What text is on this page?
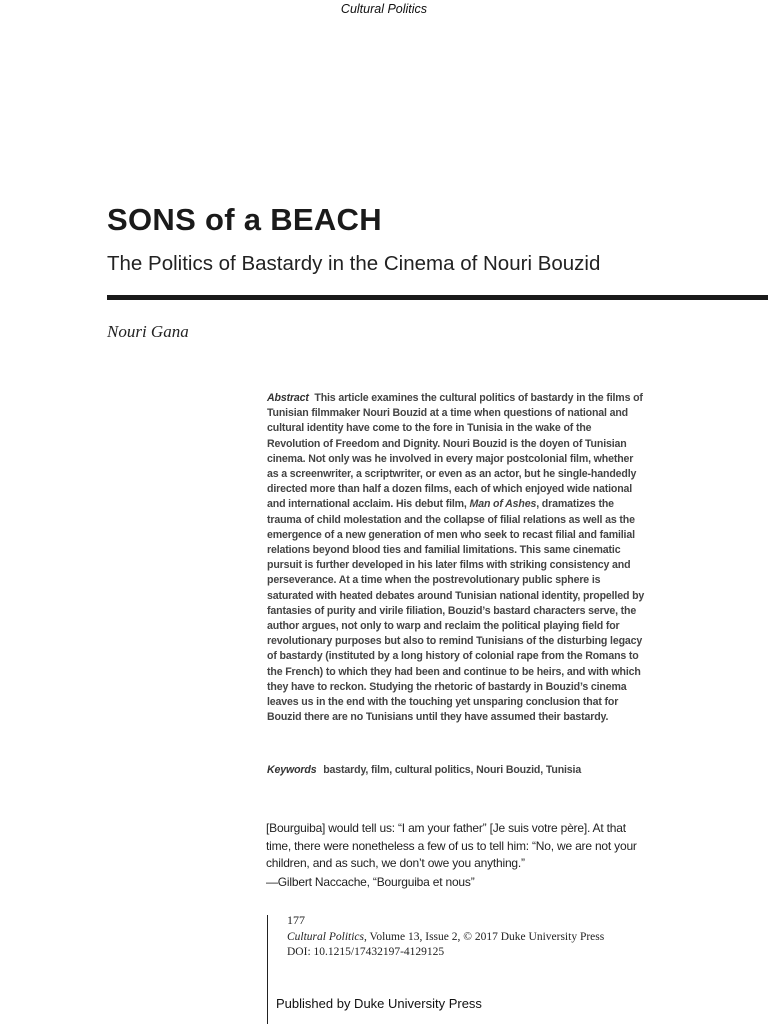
Cultural Politics
SONS of a BEACH
The Politics of Bastardy in the Cinema of Nouri Bouzid
Nouri Gana

Abstract This article examines the cultural politics of bastardy in the films of Tunisian filmmaker Nouri Bouzid at a time when questions of national and cultural identity have come to the fore in Tunisia in the wake of the Revolution of Freedom and Dignity. Nouri Bouzid is the doyen of Tunisian cinema. Not only was he involved in every major postcolonial film, whether as a screenwriter, a scriptwriter, or even as an actor, but he single-handedly directed more than half a dozen films, each of which enjoyed wide national and international acclaim. His debut film, Man of Ashes, dramatizes the trauma of child molestation and the collapse of filial relations as well as the emergence of a new generation of men who seek to recast filial and familial relations beyond blood ties and familial limitations. This same cinematic pursuit is further developed in his later films with striking consistency and perseverance. At a time when the postrevolutionary public sphere is saturated with heated debates around Tunisian national identity, propelled by fantasies of purity and virile filiation, Bouzid’s bastard characters serve, the author argues, not only to warp and reclaim the political playing field for revolutionary purposes but also to remind Tunisians of the disturbing legacy of bastardy (instituted by a long history of colonial rape from the Romans to the French) to which they had been and continue to be heirs, and with which they have to reckon. Studying the rhetoric of bastardy in Bouzid’s cinema leaves us in the end with the touching yet unsparing conclusion that for Bouzid there are no Tunisians until they have assumed their bastardy.

Keywords bastardy, film, cultural politics, Nouri Bouzid, Tunisia

[Bourguiba] would tell us: “I am your father” [Je suis votre père]. At that time, there were nonetheless a few of us to tell him: “No, we are not your children, and as such, we don’t owe you anything.”

—Gilbert Naccache, “Bourguiba et nous”
177
Cultural Politics, Volume 13, Issue 2, © 2017 Duke University Press
DOI: 10.1215/17432197-4129125
Published by Duke University Press
